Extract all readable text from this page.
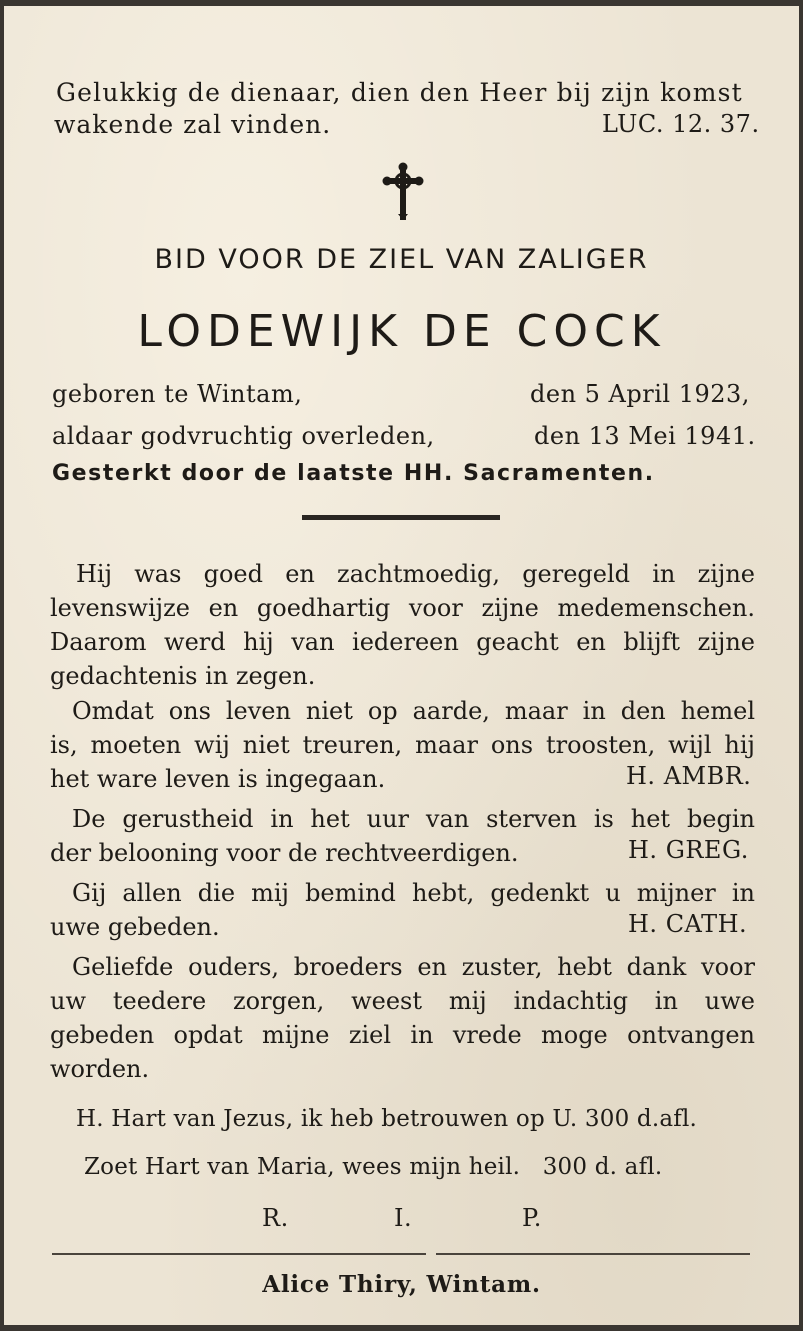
Gelukkig de dienaar, dien den Heer bij zijn komst
wakende zal vinden.	LUC. 12. 37.
BID VOOR DE ZIEL VAN ZALIGER
LODEWIJK DE COCK
geboren te Wintam,	den 5 April 1923,
aldaar godvruchtig overleden,	den 13 Mei 1941.
Gesterkt door de laatste HH. Sacramenten.
Hij was goed en zachtmoedig, geregeld in zijne
levenswijze en goedhartig voor zijne medemenschen.
Daarom werd hij van iedereen geacht en blijft zijne
gedachtenis in zegen.
Omdat ons leven niet op aarde, maar in den hemel
is, moeten wij niet treuren, maar ons troosten, wijl hij
het ware leven is ingegaan.	H. AMBR.
De gerustheid in het uur van sterven is het begin
der belooning voor de rechtveerdigen.	H. GREG.
Gij allen die mij bemind hebt, gedenkt u mijner in
uwe gebeden.	H. CATH.
Geliefde ouders, broeders en zuster, hebt dank voor
uw teedere zorgen, weest mij indachtig in uwe
gebeden opdat mijne ziel in vrede moge ontvangen
worden.
H. Hart van Jezus, ik heb betrouwen op U. 300 d.afl.
Zoet Hart van Maria, wees mijn heil.   300 d. afl.
R.	I.	P.
Alice Thiry, Wintam.
